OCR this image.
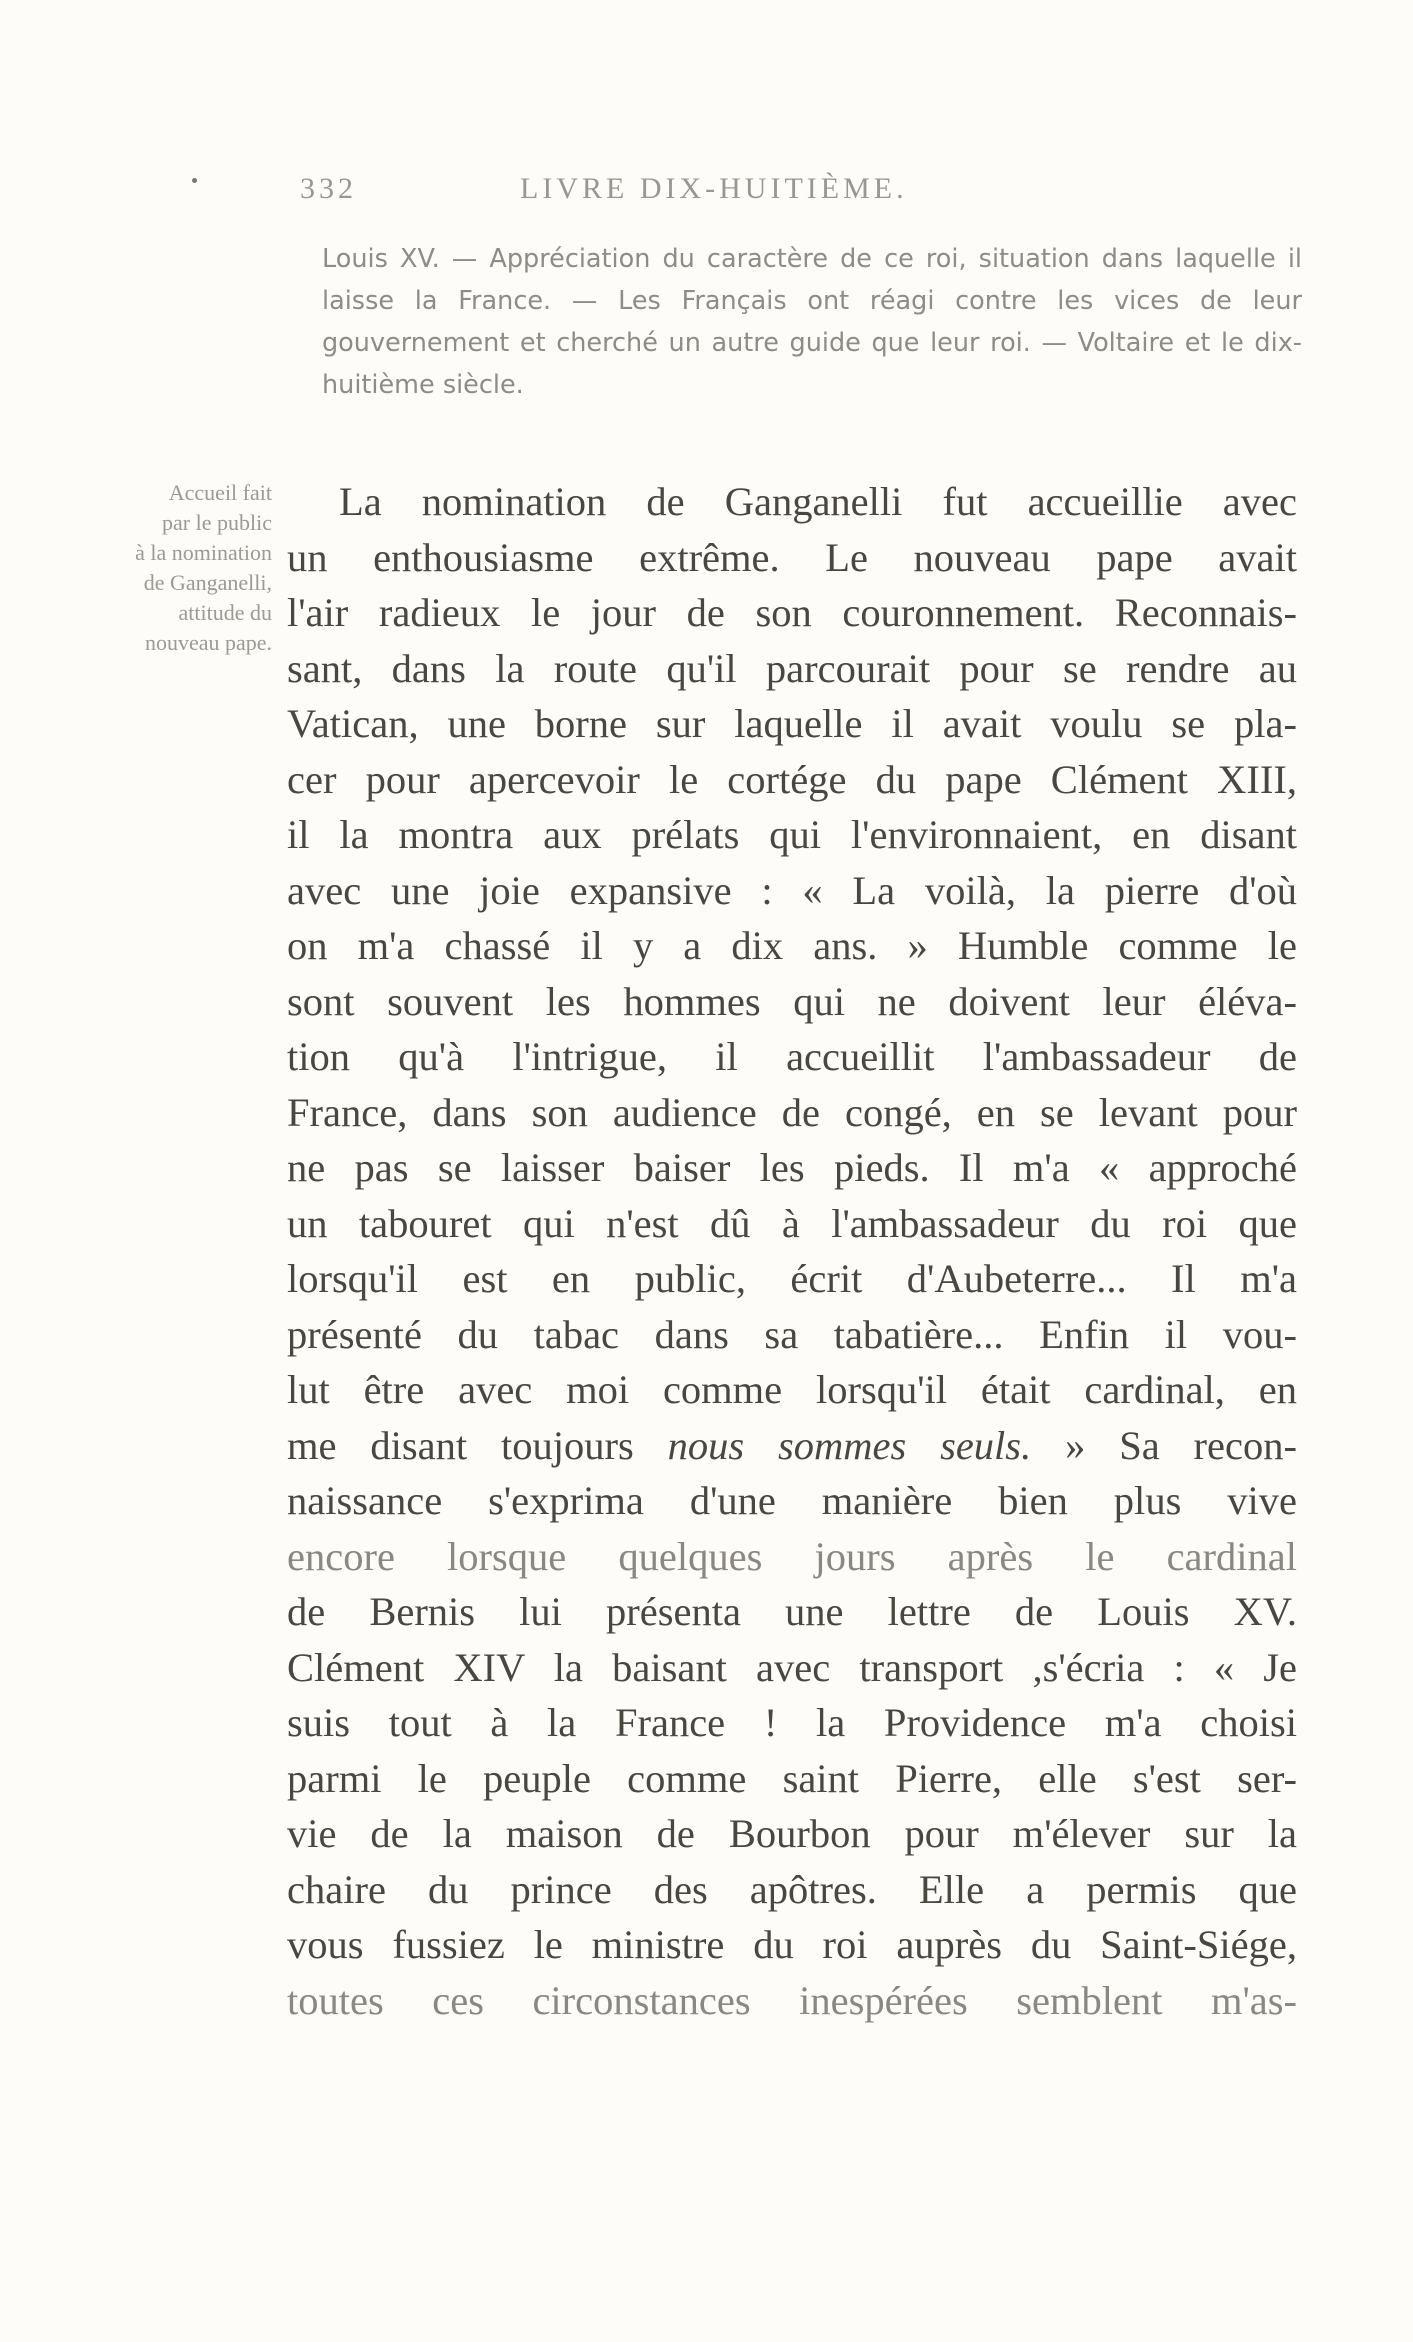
332	LIVRE DIX-HUITIÈME.

Louis XV. — Appréciation du caractère de ce roi, situation dans laquelle il laisse la France. — Les Français ont réagi contre les vices de leur gouvernement et cherché un autre guide que leur roi. — Voltaire et le dix-huitième siècle.

Accueil fait
par le public
à la nomination
de Ganganelli,
attitude du
nouveau pape.
La nomination de Ganganelli fut accueillie avec
un enthousiasme extrême. Le nouveau pape avait
l'air radieux le jour de son couronnement. Reconnais-
sant, dans la route qu'il parcourait pour se rendre au
Vatican, une borne sur laquelle il avait voulu se pla-
cer pour apercevoir le cortége du pape Clément XIII,
il la montra aux prélats qui l'environnaient, en disant
avec une joie expansive : « La voilà, la pierre d'où
on m'a chassé il y a dix ans. » Humble comme le
sont souvent les hommes qui ne doivent leur éléva-
tion qu'à l'intrigue, il accueillit l'ambassadeur de
France, dans son audience de congé, en se levant pour
ne pas se laisser baiser les pieds. Il m'a « approché
un tabouret qui n'est dû à l'ambassadeur du roi que
lorsqu'il est en public, écrit d'Aubeterre... Il m'a
présenté du tabac dans sa tabatière... Enfin il vou-
lut être avec moi comme lorsqu'il était cardinal, en
me disant toujours nous sommes seuls. » Sa recon-
naissance s'exprima d'une manière bien plus vive
encore lorsque quelques jours après le cardinal
de Bernis lui présenta une lettre de Louis XV.
Clément XIV la baisant avec transport ,s'écria : « Je
suis tout à la France ! la Providence m'a choisi
parmi le peuple comme saint Pierre, elle s'est ser-
vie de la maison de Bourbon pour m'élever sur la
chaire du prince des apôtres. Elle a permis que
vous fussiez le ministre du roi auprès du Saint-Siége,
toutes ces circonstances inespérées semblent m'as-
